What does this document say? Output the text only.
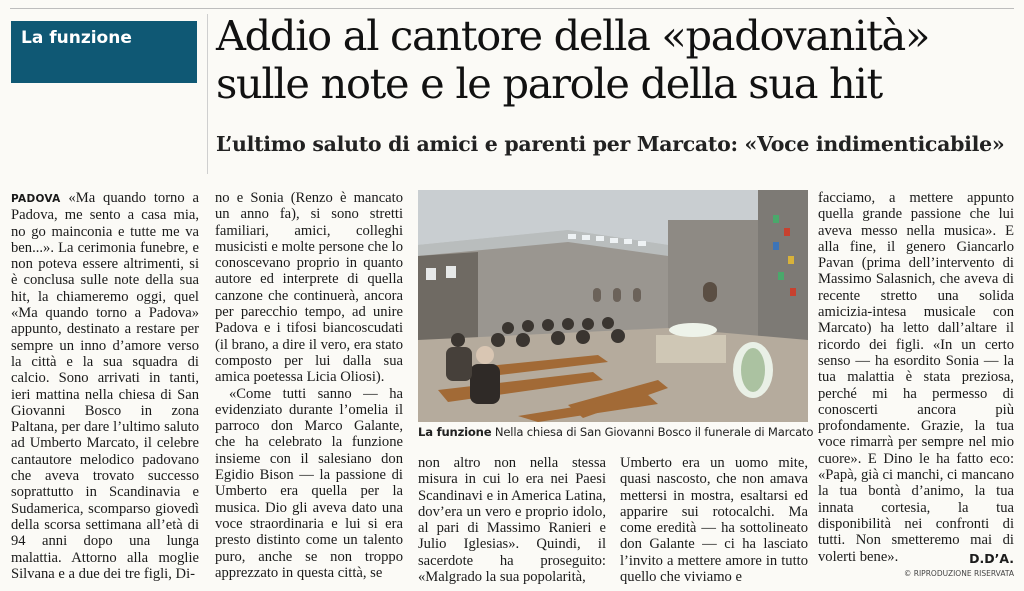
La funzione	Addio al cantore della «padovanità»
sulle note e le parole della sua hit
L’ultimo saluto di amici e parenti per Marcato: «Voce indimenticabile»

PADOVA «Ma quando torno a Padova, me sento a casa mia, no go mainconia e tutte me va ben...». La cerimonia funebre, e non poteva essere altrimenti, si è conclusa sulle note della sua hit, la chiameremo oggi, quel «Ma quando torno a Padova» appunto, destinato a restare per sempre un inno d’amore verso la città e la sua squadra di calcio. Sono arrivati in tanti, ieri mattina nella chiesa di San Giovanni Bosco in zona Paltana, per dare l’ultimo saluto ad Umberto Marcato, il celebre cantautore melodico padovano che aveva trovato successo soprattutto in Scandinavia e Sudamerica, scomparso giovedì della scorsa settimana all’età di 94 anni dopo una lunga malattia. Attorno alla moglie Silvana e a due dei tre figli, Di-

no e Sonia (Renzo è mancato un anno fa), si sono stretti familiari, amici, colleghi musicisti e molte persone che lo conoscevano proprio in quanto autore ed interprete di quella canzone che continuerà, ancora per parecchio tempo, ad unire Padova e i tifosi biancoscudati (il brano, a dire il vero, era stato composto per lui dalla sua amica poetessa Licia Oliosi).

«Come tutti sanno — ha evidenziato durante l’omelia il parroco don Marco Galante, che ha celebrato la funzione insieme con il salesiano don Egidio Bison — la passione di Umberto era quella per la musica. Dio gli aveva dato una voce straordinaria e lui si era presto distinto come un talento puro, anche se non troppo apprezzato in questa città, se

La funzione Nella chiesa di San Giovanni Bosco il funerale di Marcato

non altro non nella stessa misura in cui lo era nei Paesi Scandinavi e in America Latina, dov’era un vero e proprio idolo, al pari di Massimo Ranieri e Julio Iglesias». Quindi, il sacerdote ha proseguito: «Malgrado la sua popolarità,

Umberto era un uomo mite, quasi nascosto, che non amava mettersi in mostra, esaltarsi ed apparire sui rotocalchi. Ma come eredità — ha sottolineato don Galante — ci ha lasciato l’invito a mettere amore in tutto quello che viviamo e

facciamo, a mettere appunto quella grande passione che lui aveva messo nella musica». E alla fine, il genero Giancarlo Pavan (prima dell’intervento di Massimo Salasnich, che aveva di recente stretto una solida amicizia-intesa musicale con Marcato) ha letto dall’altare il ricordo dei figli. «In un certo senso — ha esordito Sonia — la tua malattia è stata preziosa, perché mi ha permesso di conoscerti ancora più profondamente. Grazie, la tua voce rimarrà per sempre nel mio cuore». E Dino le ha fatto eco: «Papà, già ci manchi, ci mancano la tua bontà d’animo, la tua innata cortesia, la tua disponibilità nei confronti di tutti. Non smetteremo mai di volerti bene».	D.D’A.
© RIPRODUZIONE RISERVATA
